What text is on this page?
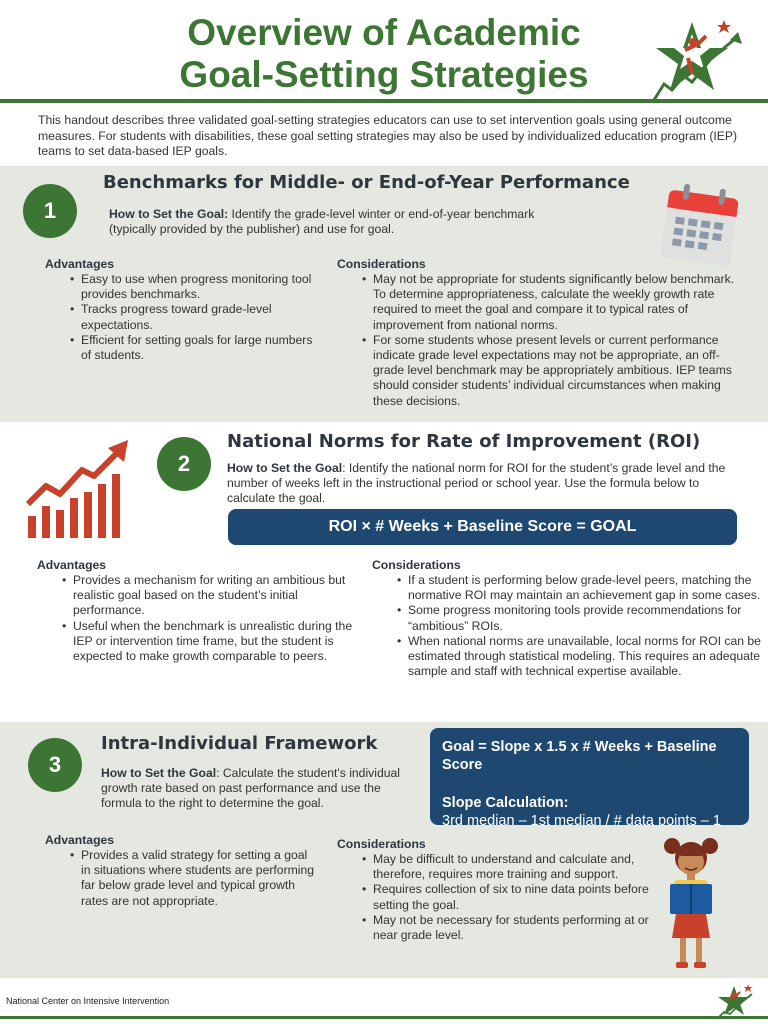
Overview of Academic
Goal-Setting Strategies
This handout describes three validated goal-setting strategies educators can use to set intervention goals using general outcome measures. For students with disabilities, these goal setting strategies may also be used by individualized education program (IEP) teams to set data-based IEP goals.
1
Benchmarks for Middle- or End-of-Year Performance
How to Set the Goal: Identify the grade-level winter or end-of-year benchmark (typically provided by the publisher) and use for goal.
Advantages
• Easy to use when progress monitoring tool provides benchmarks.
• Tracks progress toward grade-level expectations.
• Efficient for setting goals for large numbers of students.
Considerations
• May not be appropriate for students significantly below benchmark. To determine appropriateness, calculate the weekly growth rate required to meet the goal and compare it to typical rates of improvement from national norms.
• For some students whose present levels or current performance indicate grade level expectations may not be appropriate, an off-grade level benchmark may be appropriately ambitious. IEP teams should consider students’ individual circumstances when making these decisions.
2
National Norms for Rate of Improvement (ROI)
How to Set the Goal: Identify the national norm for ROI for the student’s grade level and the number of weeks left in the instructional period or school year. Use the formula below to calculate the goal.
ROI × # Weeks + Baseline Score = GOAL
Advantages
• Provides a mechanism for writing an ambitious but realistic goal based on the student’s initial performance.
• Useful when the benchmark is unrealistic during the IEP or intervention time frame, but the student is expected to make growth comparable to peers.
Considerations
• If a student is performing below grade-level peers, matching the normative ROI may maintain an achievement gap in some cases.
• Some progress monitoring tools provide recommendations for “ambitious” ROIs.
• When national norms are unavailable, local norms for ROI can be estimated through statistical modeling. This requires an adequate sample and staff with technical expertise available.
3
Intra-Individual Framework
How to Set the Goal: Calculate the student's individual growth rate based on past performance and use the formula to the right to determine the goal.
Goal = Slope x 1.5 x # Weeks + Baseline Score
Slope Calculation:
3rd median – 1st median / # data points – 1
Advantages
• Provides a valid strategy for setting a goal in situations where students are performing far below grade level and typical growth rates are not appropriate.
Considerations
• May be difficult to understand and calculate and, therefore, requires more training and support.
• Requires collection of six to nine data points before setting the goal.
• May not be necessary for students performing at or near grade level.
National Center on Intensive Intervention
